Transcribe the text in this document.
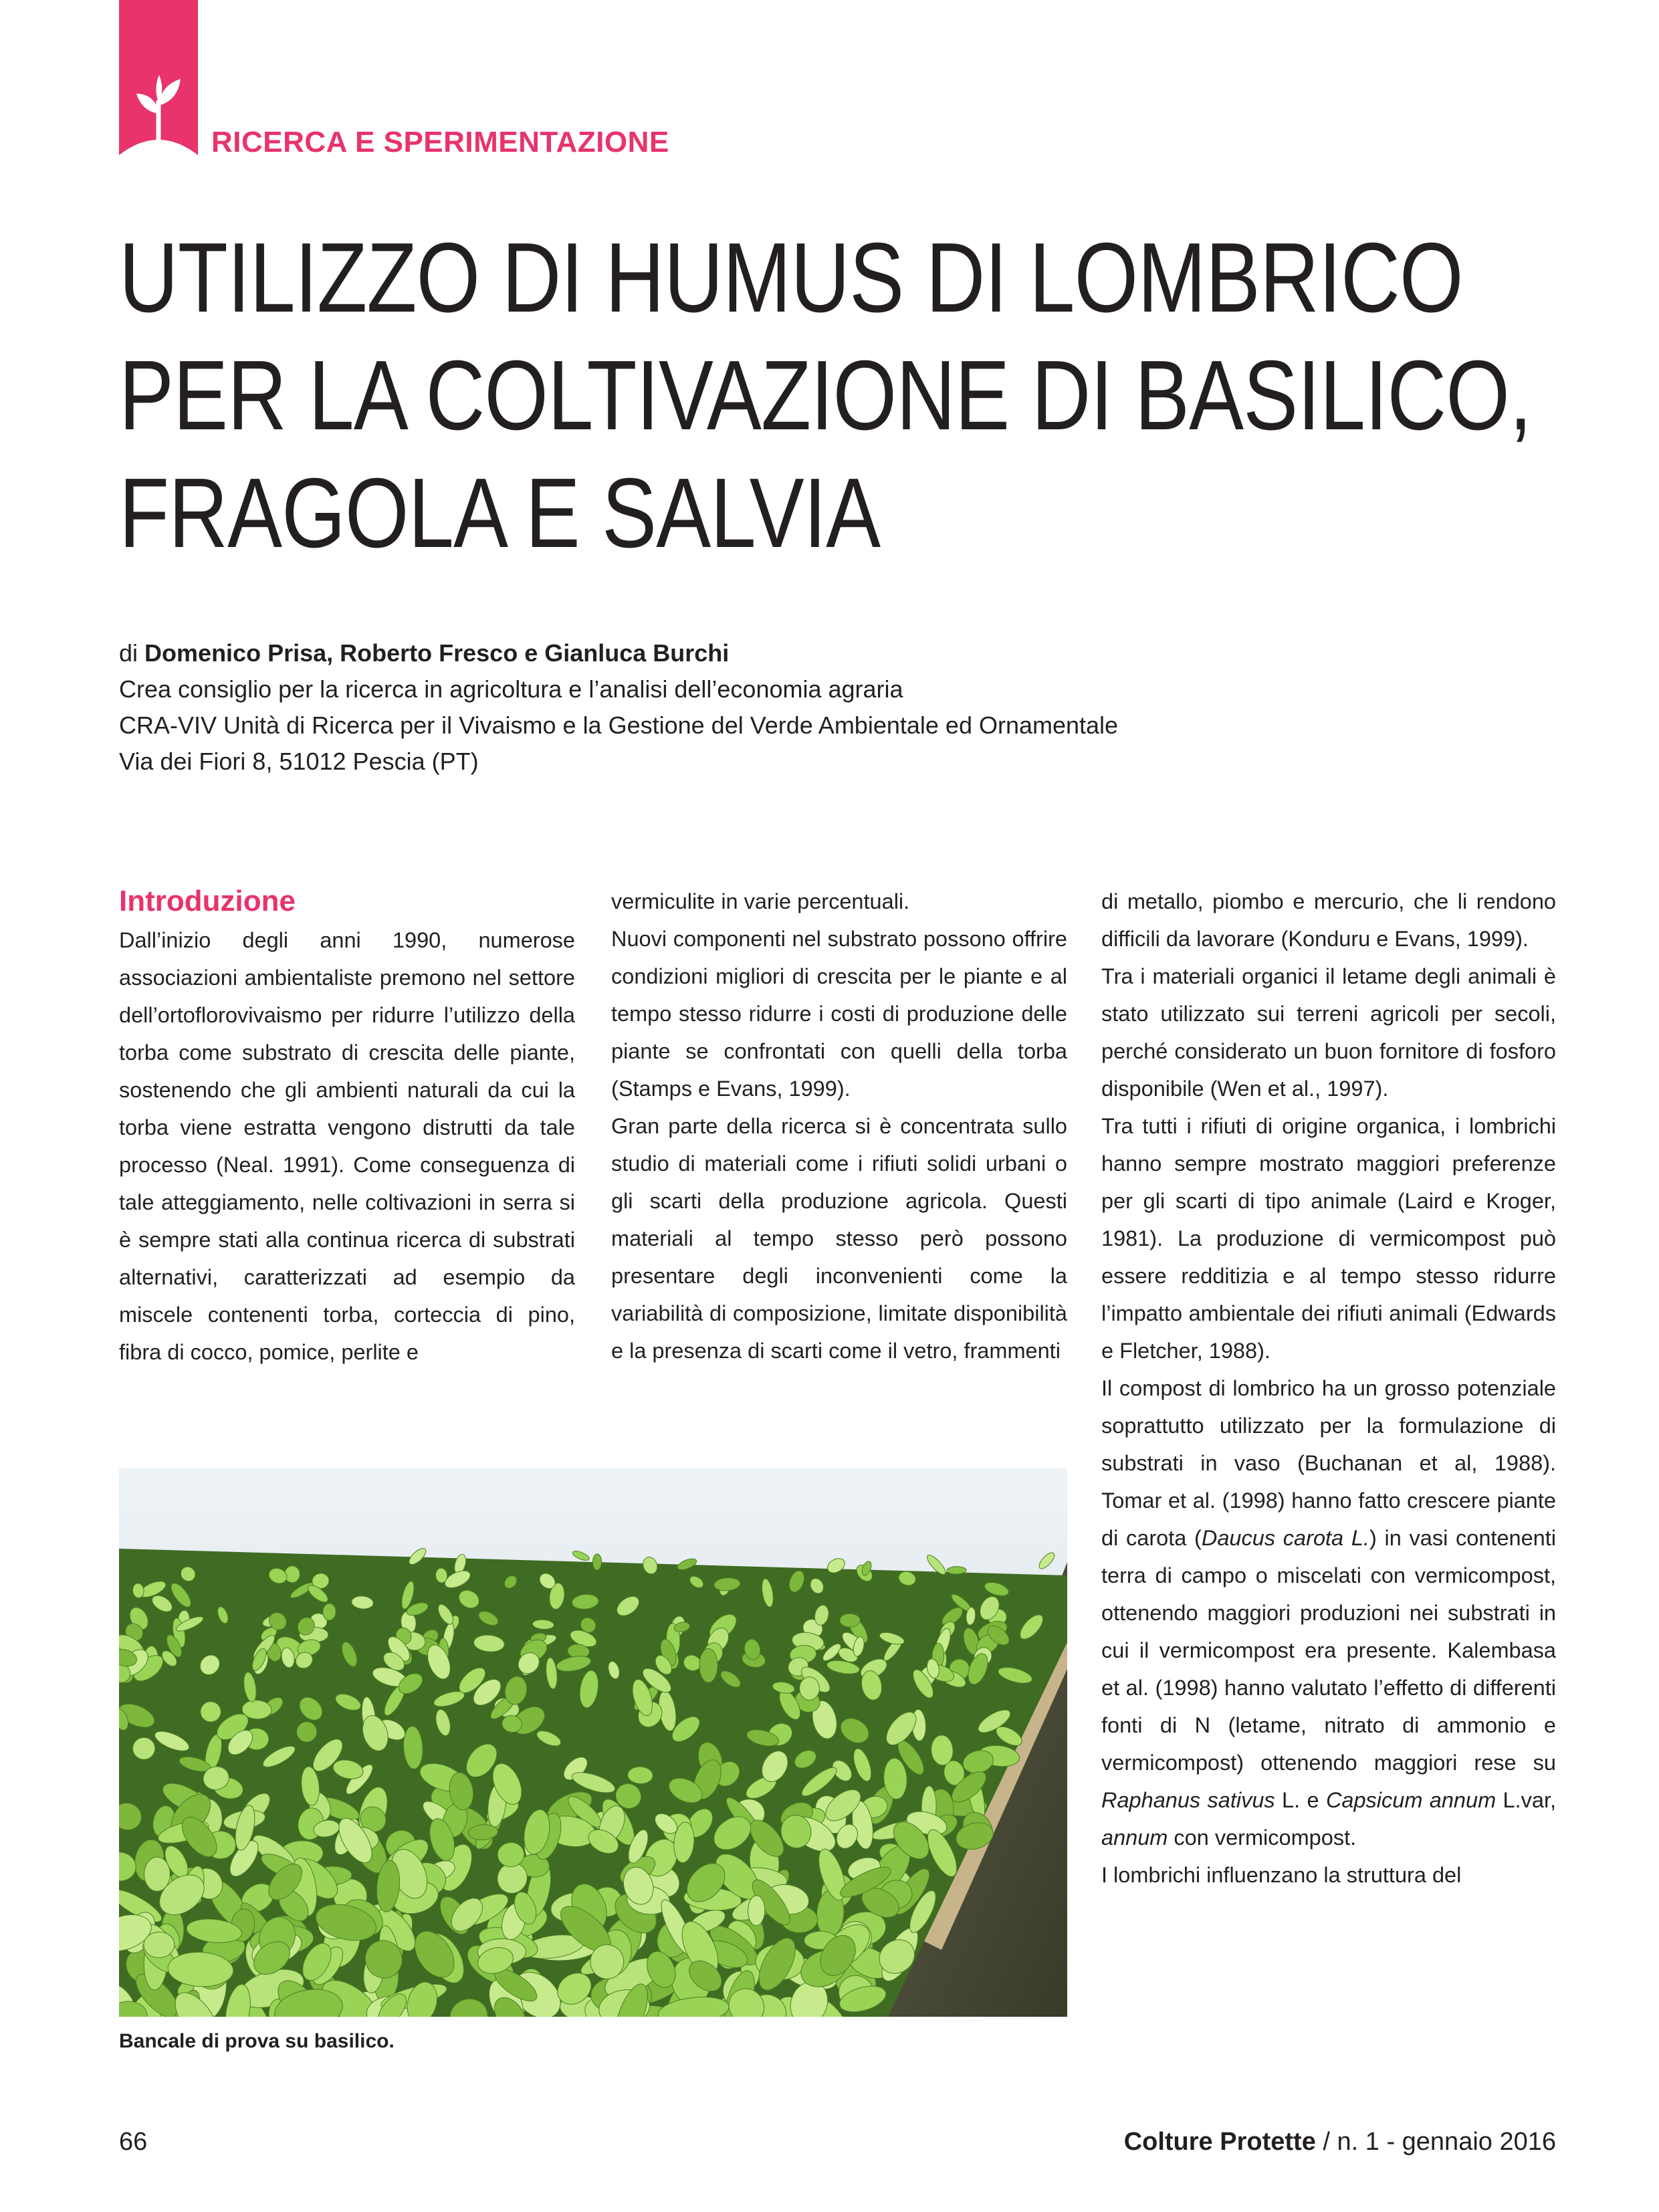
RICERCA E SPERIMENTAZIONE
UTILIZZO DI HUMUS DI LOMBRICO
PER LA COLTIVAZIONE DI BASILICO,
FRAGOLA E SALVIA
di Domenico Prisa, Roberto Fresco e Gianluca Burchi
Crea consiglio per la ricerca in agricoltura e l’analisi dell’economia agraria
CRA-VIV Unità di Ricerca per il Vivaismo e la Gestione del Verde Ambientale ed Ornamentale
Via dei Fiori 8, 51012 Pescia (PT)
Introduzione

Dall’inizio degli anni 1990, numerose associazioni ambientaliste premono nel settore dell’ortoflorovivaismo per ridurre l’utilizzo della torba come substrato di crescita delle piante, sostenendo che gli ambienti naturali da cui la torba viene estratta vengono distrutti da tale processo (Neal. 1991). Come conseguenza di tale atteggiamento, nelle coltivazioni in serra si è sempre stati alla continua ricerca di substrati alternativi, caratterizzati ad esempio da miscele contenenti torba, corteccia di pino, fibra di cocco, pomice, perlite e

vermiculite in varie percentuali.

Nuovi componenti nel substrato possono offrire condizioni migliori di crescita per le piante e al tempo stesso ridurre i costi di produzione delle piante se confrontati con quelli della torba (Stamps e Evans, 1999).

Gran parte della ricerca si è concentrata sullo studio di materiali come i rifiuti solidi urbani o gli scarti della produzione agricola. Questi materiali al tempo stesso però possono presentare degli inconvenienti come la variabilità di composizione, limitate disponibilità e la presenza di scarti come il vetro, frammenti

di metallo, piombo e mercurio, che li rendono difficili da lavorare (Konduru e Evans, 1999).

Tra i materiali organici il letame degli animali è stato utilizzato sui terreni agricoli per secoli, perché considerato un buon fornitore di fosforo disponibile (Wen et al., 1997).

Tra tutti i rifiuti di origine organica, i lombrichi hanno sempre mostrato maggiori preferenze per gli scarti di tipo animale (Laird e Kroger, 1981). La produzione di vermicompost può essere redditizia e al tempo stesso ridurre l’impatto ambientale dei rifiuti animali (Edwards e Fletcher, 1988).

Il compost di lombrico ha un grosso potenziale soprattutto utilizzato per la formulazione di substrati in vaso (Buchanan et al, 1988). Tomar et al. (1998) hanno fatto crescere piante di carota (Daucus carota L.) in vasi contenenti terra di campo o miscelati con vermicompost, ottenendo maggiori produzioni nei substrati in cui il vermicompost era presente. Kalembasa et al. (1998) hanno valutato l’effetto di differenti fonti di N (letame, nitrato di ammonio e vermicompost) ottenendo maggiori rese su Raphanus sativus L. e Capsicum annum L.var, annum con vermicompost.

I lombrichi influenzano la struttura del

Bancale di prova su basilico.
66	Colture Protette / n. 1 - gennaio 2016
